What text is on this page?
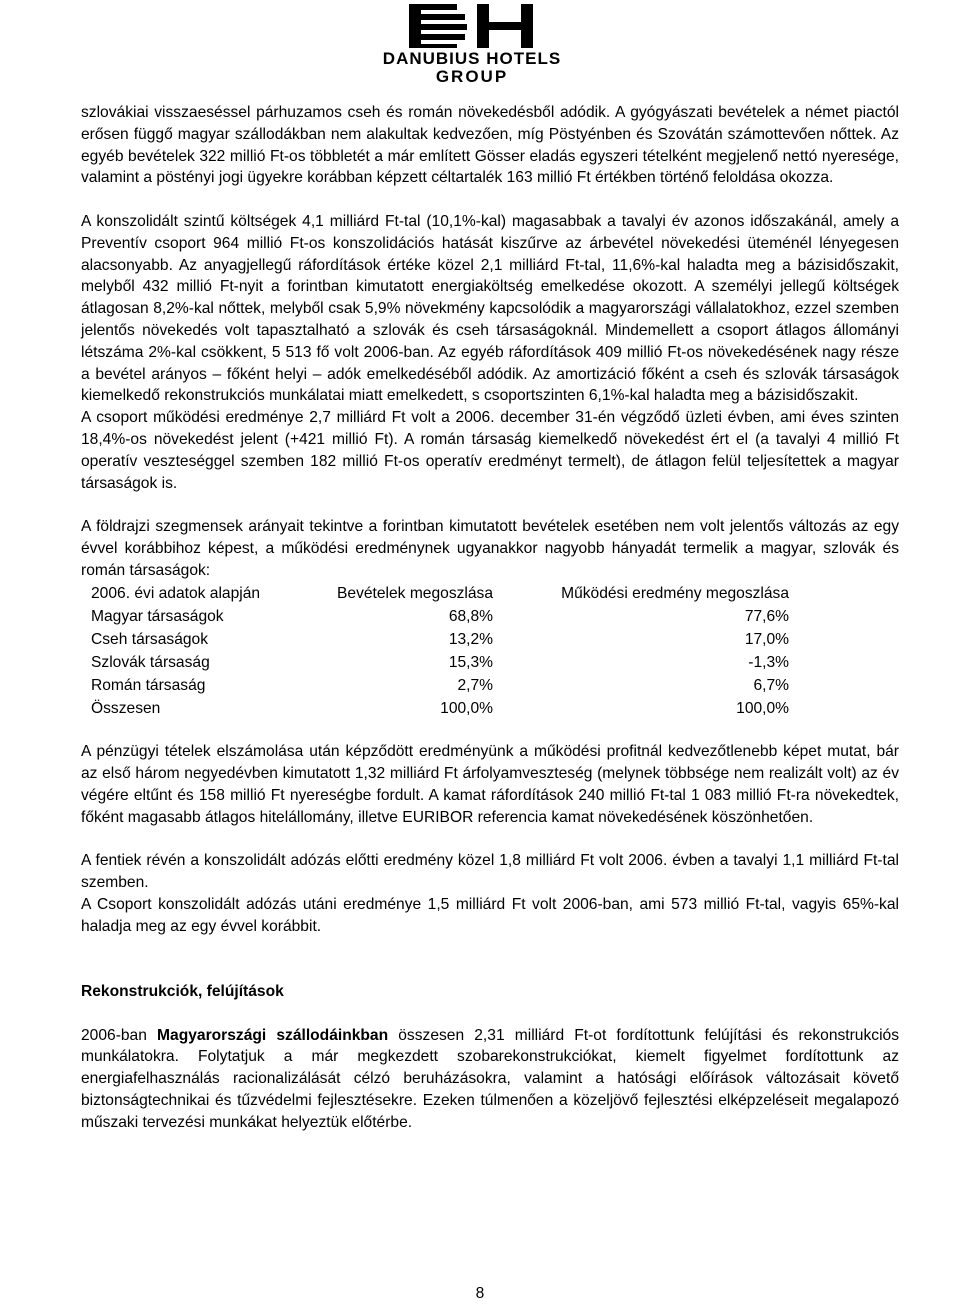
DANUBIUS HOTELS
GROUP

szlovákiai visszaeséssel párhuzamos cseh és román növekedésből adódik. A gyógyászati bevételek a német piactól erősen függő magyar szállodákban nem alakultak kedvezően, míg Pöstyénben és Szovátán számottevően nőttek. Az egyéb bevételek 322 millió Ft-os többletét a már említett Gösser eladás egyszeri tételként megjelenő nettó nyeresége, valamint a pöstényi jogi ügyekre korábban képzett céltartalék 163 millió Ft értékben történő feloldása okozza.

A konszolidált szintű költségek 4,1 milliárd Ft-tal (10,1%-kal) magasabbak a tavalyi év azonos időszakánál, amely a Preventív csoport 964 millió Ft-os konszolidációs hatását kiszűrve az árbevétel növekedési üteménél lényegesen alacsonyabb. Az anyagjellegű ráfordítások értéke közel 2,1 milliárd Ft-tal, 11,6%-kal haladta meg a bázisidőszakit, melyből 432 millió Ft-nyit a forintban kimutatott energiaköltség emelkedése okozott. A személyi jellegű költségek átlagosan 8,2%-kal nőttek, melyből csak 5,9% növekmény kapcsolódik a magyarországi vállalatokhoz, ezzel szemben jelentős növekedés volt tapasztalható a szlovák és cseh társaságoknál. Mindemellett a csoport átlagos állományi létszáma 2%-kal csökkent, 5 513 fő volt 2006-ban. Az egyéb ráfordítások 409 millió Ft-os növekedésének nagy része a bevétel arányos – főként helyi – adók emelkedéséből adódik. Az amortizáció főként a cseh és szlovák társaságok kiemelkedő rekonstrukciós munkálatai miatt emelkedett, s csoportszinten 6,1%-kal haladta meg a bázisidőszakit.

A csoport működési eredménye 2,7 milliárd Ft volt a 2006. december 31-én végződő üzleti évben, ami éves szinten 18,4%-os növekedést jelent (+421 millió Ft). A román társaság kiemelkedő növekedést ért el (a tavalyi 4 millió Ft operatív veszteséggel szemben 182 millió Ft-os operatív eredményt termelt), de átlagon felül teljesítettek a magyar társaságok is.

A földrajzi szegmensek arányait tekintve a forintban kimutatott bevételek esetében nem volt jelentős változás az egy évvel korábbihoz képest, a működési eredménynek ugyanakkor nagyobb hányadát termelik a magyar, szlovák és román társaságok:

2006. évi adatok alapján	Bevételek megoszlása	Működési eredmény megoszlása
Magyar társaságok	68,8%	77,6%
Cseh társaságok	13,2%	17,0%
Szlovák társaság	15,3%	-1,3%
Román társaság	2,7%	6,7%
Összesen	100,0%	100,0%

A pénzügyi tételek elszámolása után képződött eredményünk a működési profitnál kedvezőtlenebb képet mutat, bár az első három negyedévben kimutatott 1,32 milliárd Ft árfolyamveszteség (melynek többsége nem realizált volt) az év végére eltűnt és 158 millió Ft nyereségbe fordult. A kamat ráfordítások 240 millió Ft-tal 1 083 millió Ft-ra növekedtek, főként magasabb átlagos hitelállomány, illetve EURIBOR referencia kamat növekedésének köszönhetően.

A fentiek révén a konszolidált adózás előtti eredmény közel 1,8 milliárd Ft volt 2006. évben a tavalyi 1,1 milliárd Ft-tal szemben.

A Csoport konszolidált adózás utáni eredménye 1,5 milliárd Ft volt 2006-ban, ami 573 millió Ft-tal, vagyis 65%-kal haladja meg az egy évvel korábbit.

Rekonstrukciók, felújítások

2006-ban Magyarországi szállodáinkban összesen 2,31 milliárd Ft-ot fordítottunk felújítási és rekonstrukciós munkálatokra. Folytatjuk a már megkezdett szobarekonstrukciókat, kiemelt figyelmet fordítottunk az energiafelhasználás racionalizálását célzó beruházásokra, valamint a hatósági előírások változásait követő biztonságtechnikai és tűzvédelmi fejlesztésekre. Ezeken túlmenően a közeljövő fejlesztési elképzeléseit megalapozó műszaki tervezési munkákat helyeztük előtérbe.

8
